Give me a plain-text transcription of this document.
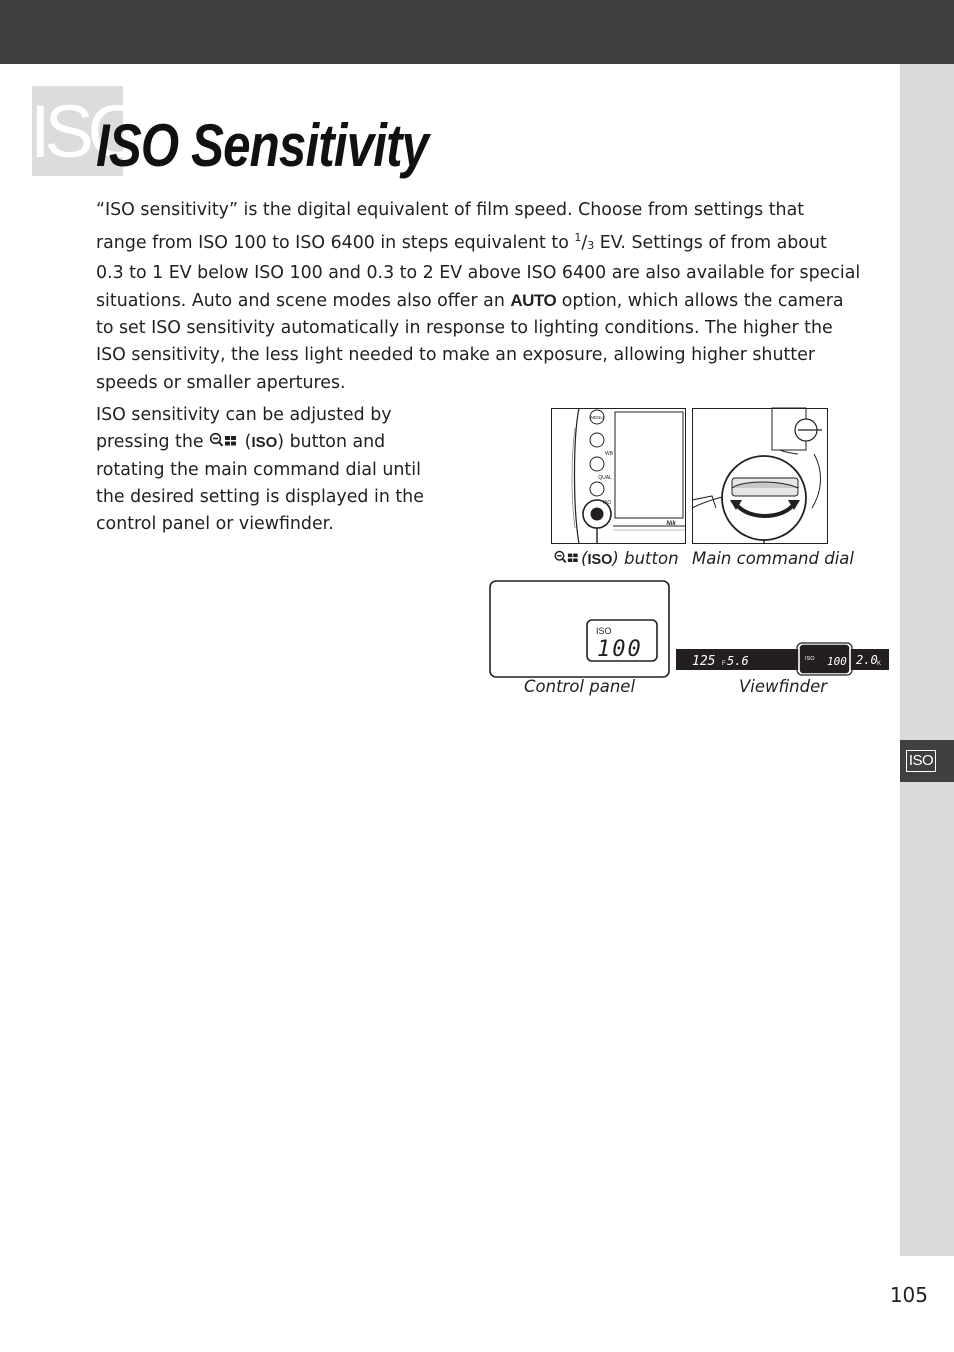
ISO
ISO
ISO Sensitivity
“ISO sensitivity” is the digital equivalent of film speed. Choose from settings that
range from ISO 100 to ISO 6400 in steps equivalent to $^1/_3$ EV. Settings of from about
0.3 to 1 EV below ISO 100 and 0.3 to 2 EV above ISO 6400 are also available for special
situations. Auto and scene modes also offer an AUTO option, which allows the camera
to set ISO sensitivity automatically in response to lighting conditions. The higher the
ISO sensitivity, the less light needed to make an exposure, allowing higher shutter
speeds or smaller apertures.
ISO sensitivity can be adjusted by
pressing the  (ISO) button and
rotating the main command dial until
the desired setting is displayed in the
control panel or viewfinder.
MENU
WB
QUAL
ISO
Nik
(ISO) button Main command dial
ISO
100	125 F 5.6	ISO 100 2.0 K
Control panel	Viewfinder
105
